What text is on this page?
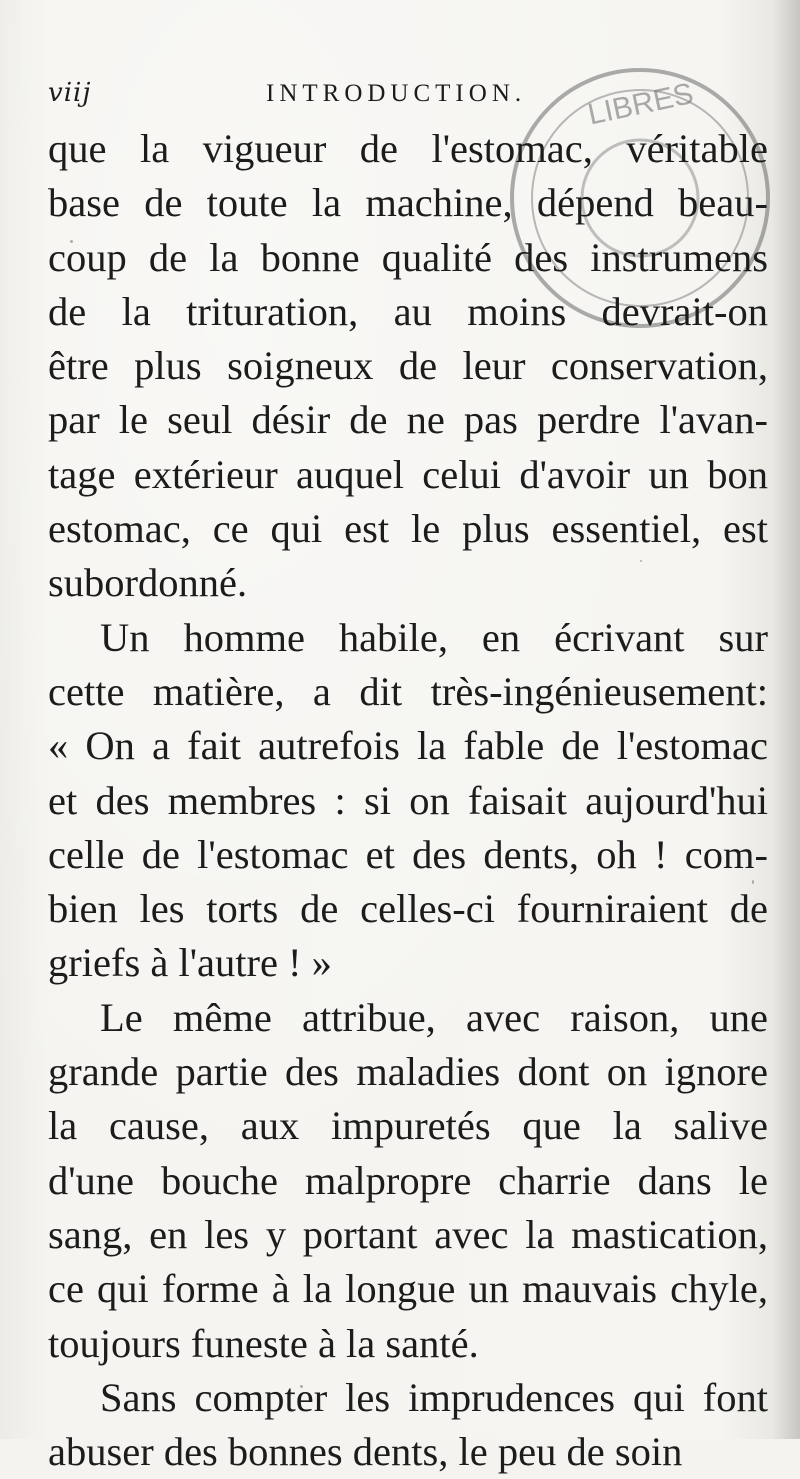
viij	INTRODUCTION. LIBRES
que la vigueur de l'estomac, véritable
base de toute la machine, dépend beau-
coup de la bonne qualité des instrumens
de la trituration, au moins devrait-on
être plus soigneux de leur conservation,
par le seul désir de ne pas perdre l'avan-
tage extérieur auquel celui d'avoir un bon
estomac, ce qui est le plus essentiel, est
subordonné.
Un homme habile, en écrivant sur
cette matière, a dit très-ingénieusement:
« On a fait autrefois la fable de l'estomac
et des membres : si on faisait aujourd'hui
celle de l'estomac et des dents, oh ! com-
bien les torts de celles-ci fourniraient de
griefs à l'autre ! »
Le même attribue, avec raison, une
grande partie des maladies dont on ignore
la cause, aux impuretés que la salive
d'une bouche malpropre charrie dans le
sang, en les y portant avec la mastication,
ce qui forme à la longue un mauvais chyle,
toujours funeste à la santé.
Sans compter les imprudences qui font
abuser des bonnes dents, le peu de soin
